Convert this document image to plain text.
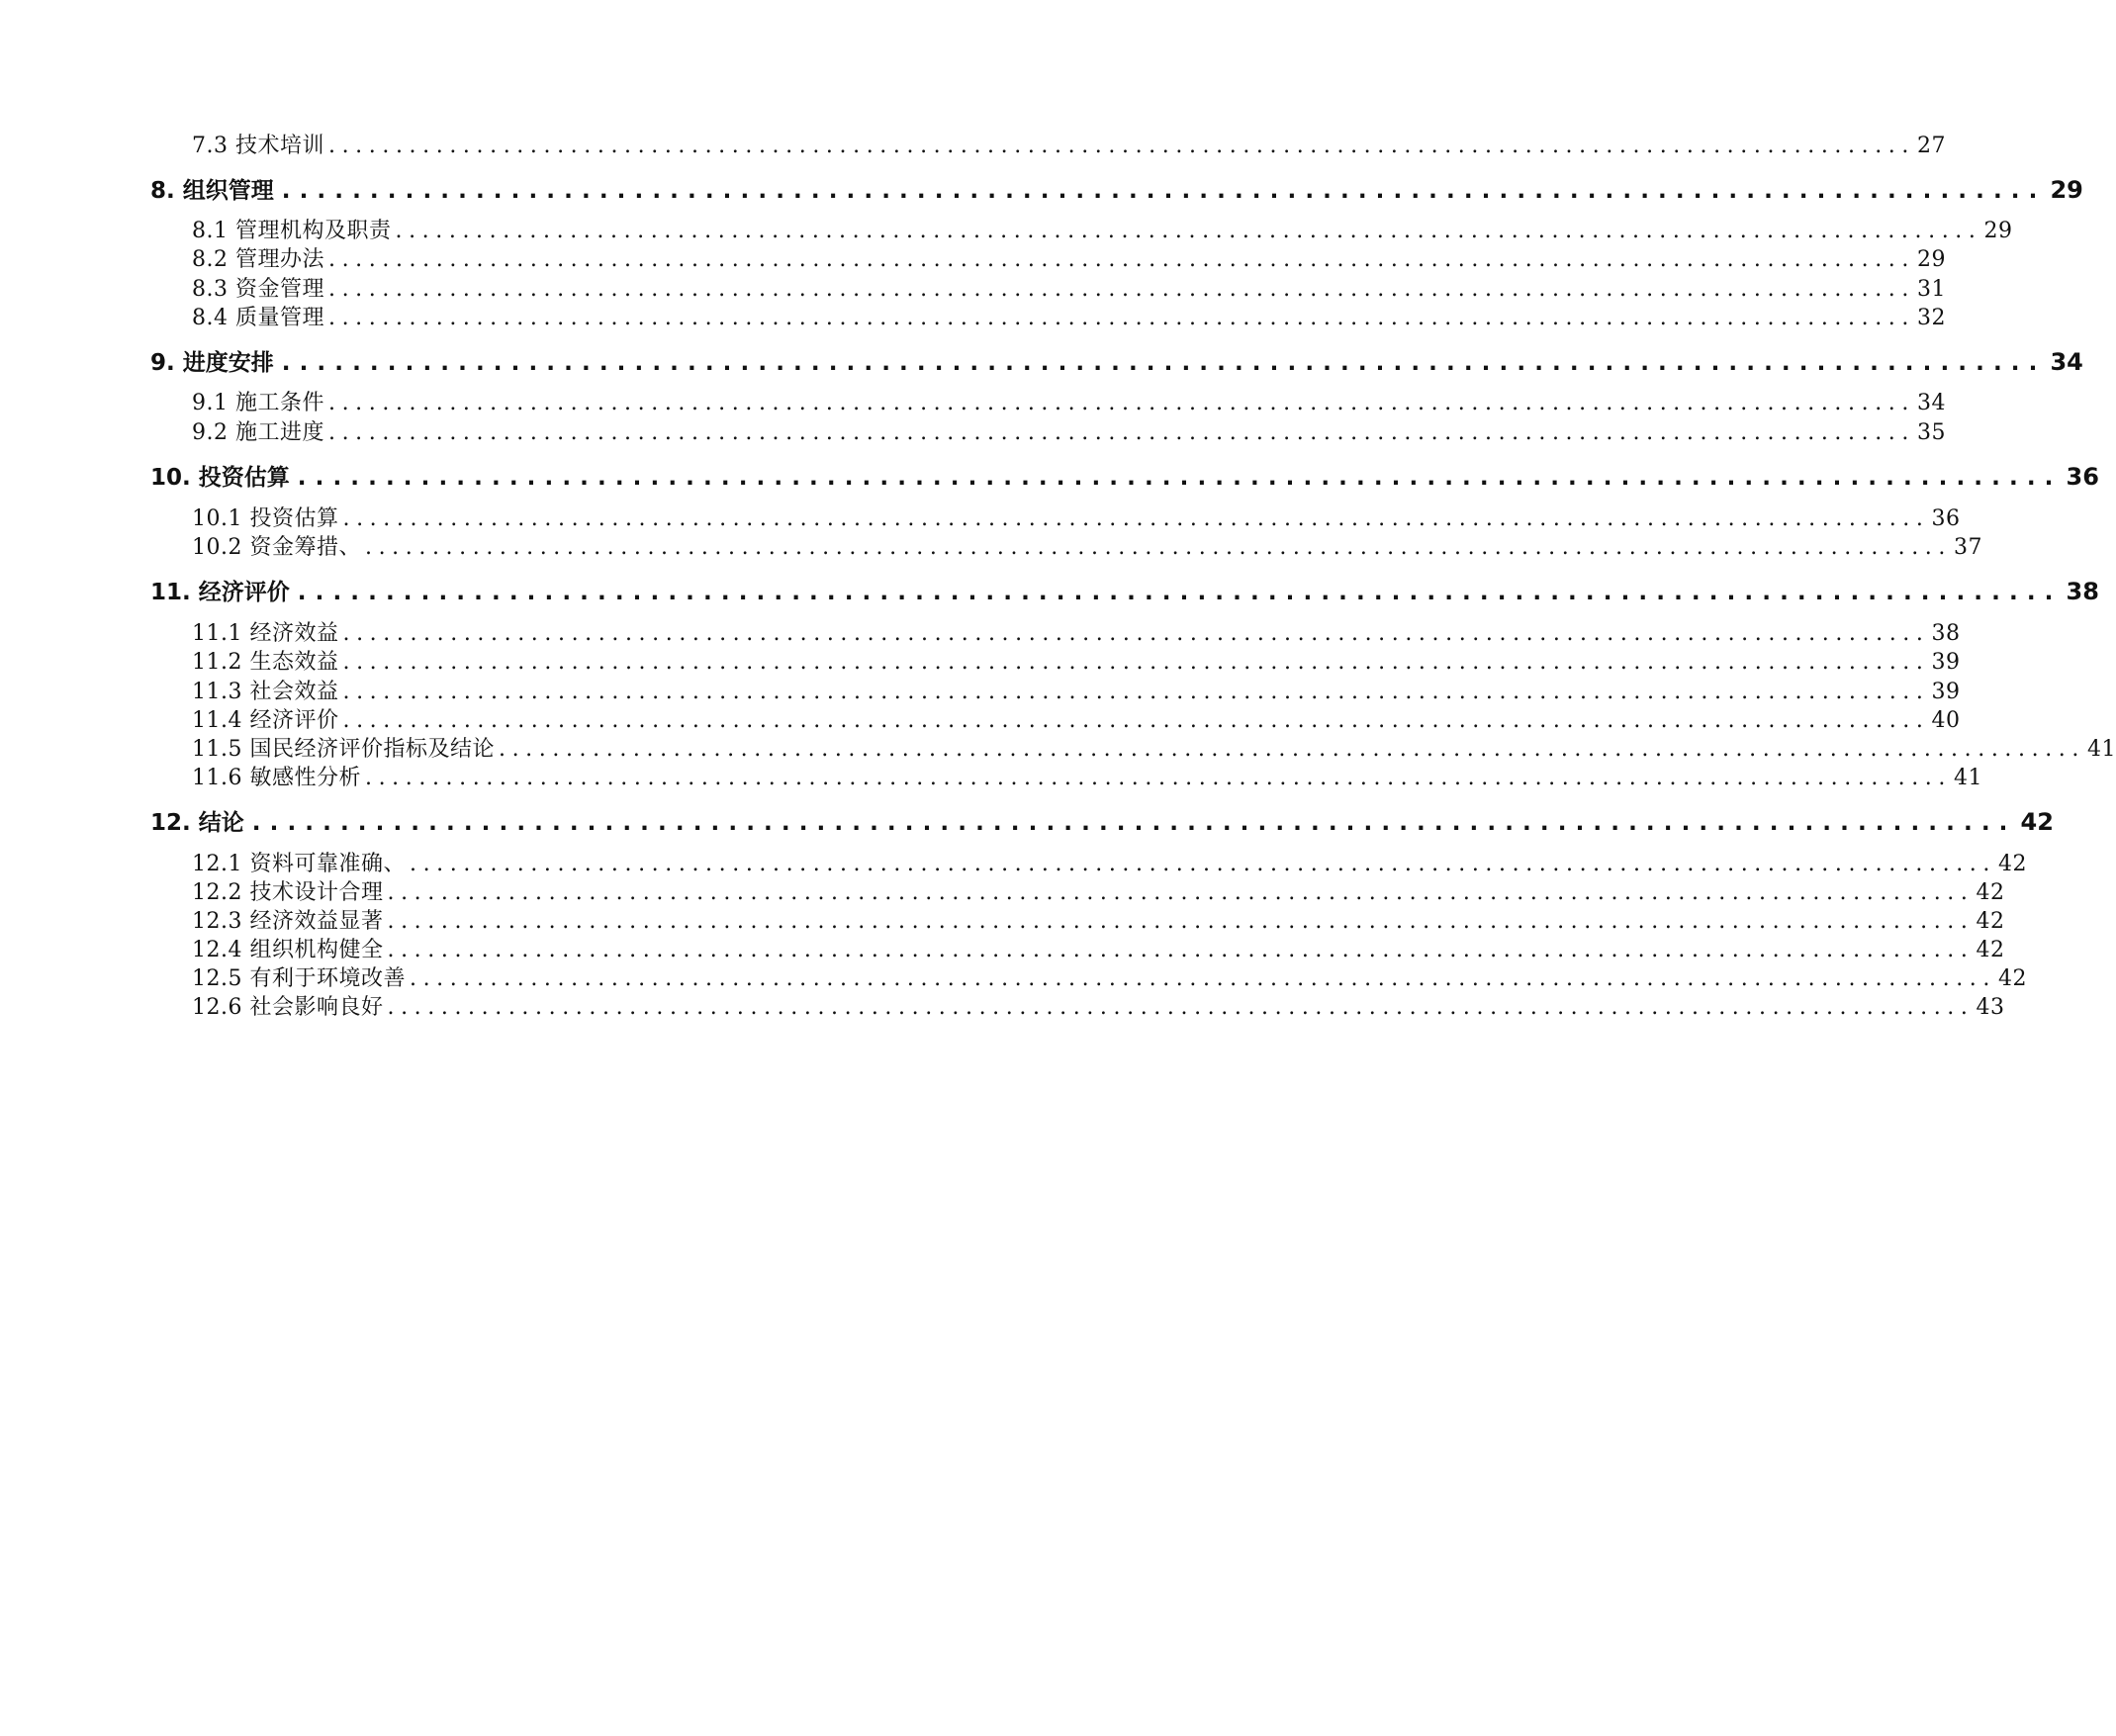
7.3 技术培训 ...................................................................................................................... 27
8. 组织管理 .................................................................................................... 29
8.1 管理机构及职责 ...................................................................................................................... 29
8.2 管理办法 ...................................................................................................................... 29
8.3 资金管理 ...................................................................................................................... 31
8.4 质量管理 ...................................................................................................................... 32
9. 进度安排 .................................................................................................... 34
9.1 施工条件 ...................................................................................................................... 34
9.2 施工进度 ...................................................................................................................... 35
10. 投资估算 .................................................................................................... 36
10.1 投资估算 ...................................................................................................................... 36
10.2 资金筹措、 ...................................................................................................................... 37
11. 经济评价 .................................................................................................... 38
11.1 经济效益 ...................................................................................................................... 38
11.2 生态效益 ...................................................................................................................... 39
11.3 社会效益 ...................................................................................................................... 39
11.4 经济评价 ...................................................................................................................... 40
11.5 国民经济评价指标及结论 ...................................................................................................................... 41
11.6 敏感性分析 ...................................................................................................................... 41
12. 结论 .................................................................................................... 42
12.1 资料可靠准确、 ...................................................................................................................... 42
12.2 技术设计合理 ...................................................................................................................... 42
12.3 经济效益显著 ...................................................................................................................... 42
12.4 组织机构健全 ...................................................................................................................... 42
12.5 有利于环境改善 ...................................................................................................................... 42
12.6 社会影响良好 ...................................................................................................................... 43
